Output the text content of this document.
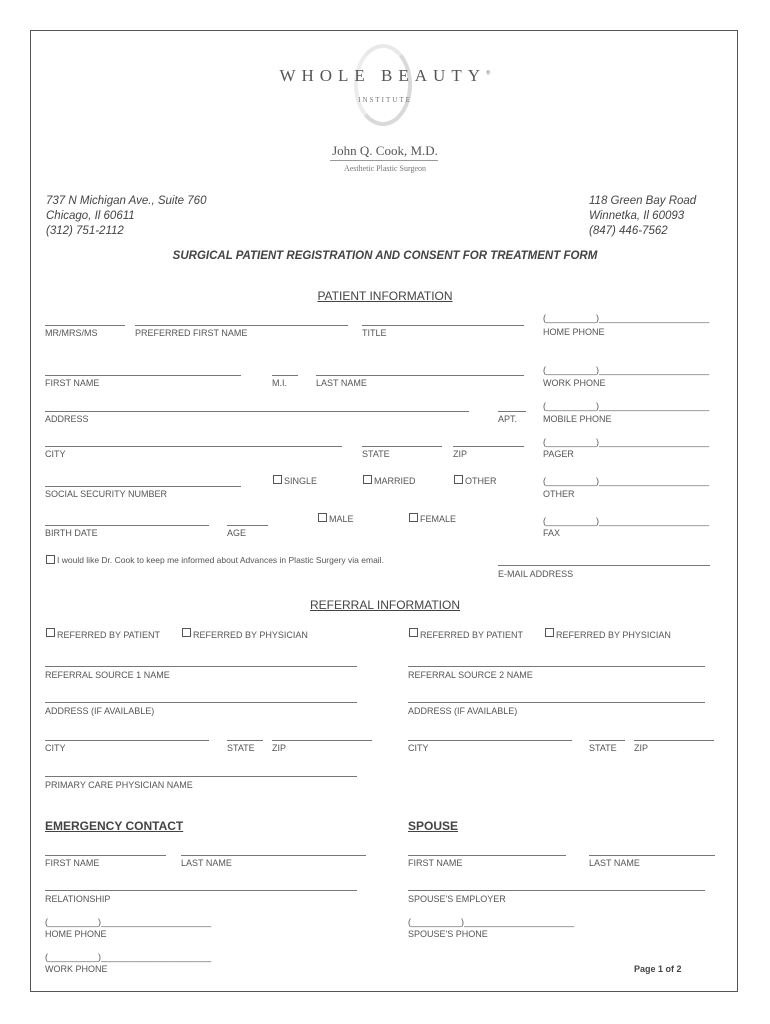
WHOLE BEAUTY®
INSTITUTE
John Q. Cook, M.D.
Aesthetic Plastic Surgeon
737 N Michigan Ave., Suite 760
Chicago, Il 60611
(312) 751-2112
118 Green Bay Road
Winnetka, Il 60093
(847) 446-7562
SURGICAL PATIENT REGISTRATION AND CONSENT FOR TREATMENT FORM
PATIENT INFORMATION
MR/MRS/MS	PREFERRED FIRST NAME	TITLE
FIRST NAME	M.I.	LAST NAME
ADDRESS	APT.
CITY	STATE	ZIP
SOCIAL SECURITY NUMBER
SINGLE	MARRIED	OTHER
BIRTH DATE	AGE
MALE	FEMALE
(__________)______________________
HOME PHONE
(__________)______________________
WORK PHONE
(__________)______________________
MOBILE PHONE
(__________)______________________
PAGER
(__________)______________________
OTHER
(__________)______________________
FAX
I would like Dr. Cook to keep me informed about Advances in Plastic Surgery via email.
E-MAIL ADDRESS
REFERRAL INFORMATION
REFERRED BY PATIENT	REFERRED BY PHYSICIAN	REFERRED BY PATIENT	REFERRED BY PHYSICIAN
REFERRAL SOURCE 1 NAME	REFERRAL SOURCE 2 NAME
ADDRESS (IF AVAILABLE)	ADDRESS (IF AVAILABLE)
CITY	STATE ZIP	CITY	STATE ZIP
PRIMARY CARE PHYSICIAN NAME
EMERGENCY CONTACT
FIRST NAME	LAST NAME
RELATIONSHIP
(__________)______________________
HOME PHONE
(__________)______________________
WORK PHONE
SPOUSE
FIRST NAME	LAST NAME
SPOUSE'S EMPLOYER
(__________)______________________
SPOUSE'S PHONE
Page 1 of 2
